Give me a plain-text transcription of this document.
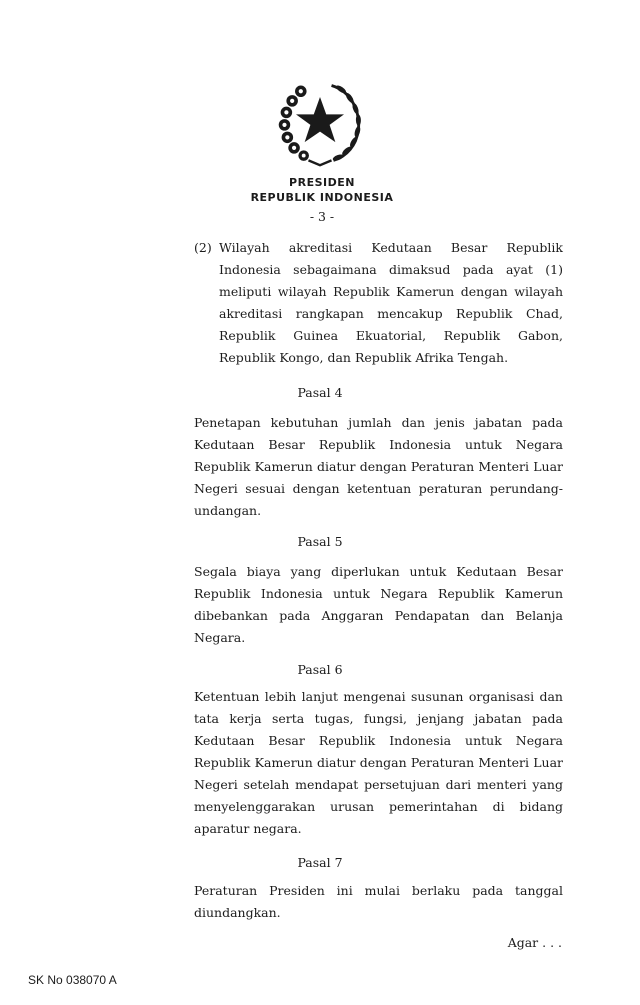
PRESIDEN
REPUBLIK INDONESIA
- 3 -
(2) Wilayah akreditasi Kedutaan Besar Republik Indonesia sebagaimana dimaksud pada ayat (1) meliputi wilayah Republik Kamerun dengan wilayah akreditasi rangkapan mencakup Republik Chad, Republik Guinea Ekuatorial, Republik Gabon, Republik Kongo, dan Republik Afrika Tengah.
Pasal 4

Penetapan kebutuhan jumlah dan jenis jabatan pada Kedutaan Besar Republik Indonesia untuk Negara Republik Kamerun diatur dengan Peraturan Menteri Luar Negeri sesuai dengan ketentuan peraturan perundang-undangan.

Pasal 5

Segala biaya yang diperlukan untuk Kedutaan Besar Republik Indonesia untuk Negara Republik Kamerun dibebankan pada Anggaran Pendapatan dan Belanja Negara.

Pasal 6

Ketentuan lebih lanjut mengenai susunan organisasi dan tata kerja serta tugas, fungsi, jenjang jabatan pada Kedutaan Besar Republik Indonesia untuk Negara Republik Kamerun diatur dengan Peraturan Menteri Luar Negeri setelah mendapat persetujuan dari menteri yang menyelenggarakan urusan pemerintahan di bidang aparatur negara.

Pasal 7

Peraturan Presiden ini mulai berlaku pada tanggal diundangkan.

Agar . . .
SK No 038070 A
